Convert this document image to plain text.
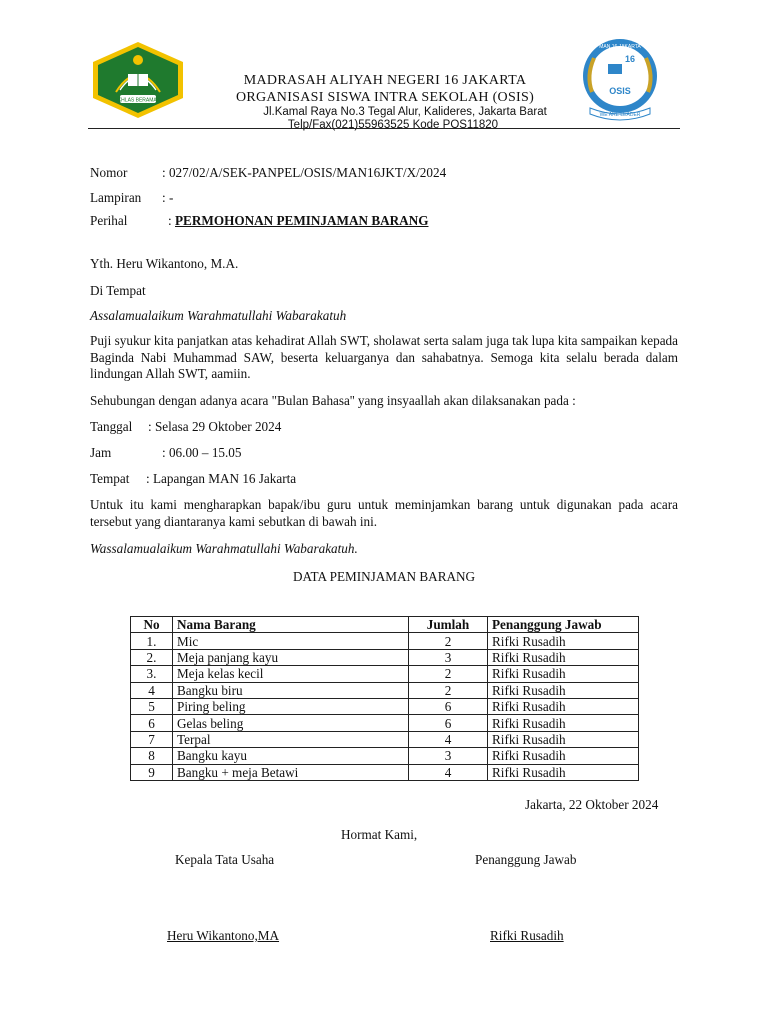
IKHLAS BERAMAL
MAN 16 JAKARTA
16
OSIS
WE ARE LEADER
MADRASAH ALIYAH NEGERI 16 JAKARTA
ORGANISASI SISWA INTRA SEKOLAH (OSIS)
Jl.Kamal Raya No.3 Tegal Alur, Kalideres, Jakarta Barat
Telp/Fax(021)55963525 Kode POS11820
Nomor	: 027/02/A/SEK-PANPEL/OSIS/MAN16JKT/X/2024
Lampiran : -
Perihal	: PERMOHONAN PEMINJAMAN BARANG
Yth. Heru Wikantono, M.A.
Di Tempat
Assalamualaikum Warahmatullahi Wabarakatuh
Puji syukur kita panjatkan atas kehadirat Allah SWT, sholawat serta salam juga tak lupa kita sampaikan kepada Baginda Nabi Muhammad SAW, beserta keluarganya dan sahabatnya. Semoga kita selalu berada dalam lindungan Allah SWT, aamiin.
Sehubungan dengan adanya acara "Bulan Bahasa'' yang insyaallah akan dilaksanakan pada :
Tanggal : Selasa 29 Oktober 2024
Jam	: 06.00 – 15.05
Tempat : Lapangan MAN 16 Jakarta
Untuk itu kami mengharapkan bapak/ibu guru untuk meminjamkan barang untuk digunakan pada acara tersebut yang diantaranya kami sebutkan di bawah ini.
Wassalamualaikum Warahmatullahi Wabarakatuh.
DATA PEMINJAMAN BARANG
No	Nama Barang	Jumlah	Penanggung Jawab
1.	Mic	2	Rifki Rusadih
2.	Meja panjang kayu	3	Rifki Rusadih
3.	Meja kelas kecil	2	Rifki Rusadih
4	Bangku biru	2	Rifki Rusadih
5	Piring beling	6	Rifki Rusadih
6	Gelas beling	6	Rifki Rusadih
7	Terpal	4	Rifki Rusadih
8	Bangku kayu	3	Rifki Rusadih
9	Bangku + meja Betawi	4	Rifki Rusadih
Jakarta, 22 Oktober 2024
Hormat Kami,
Kepala Tata Usaha	Penanggung Jawab
Heru Wikantono,MA	Rifki Rusadih
